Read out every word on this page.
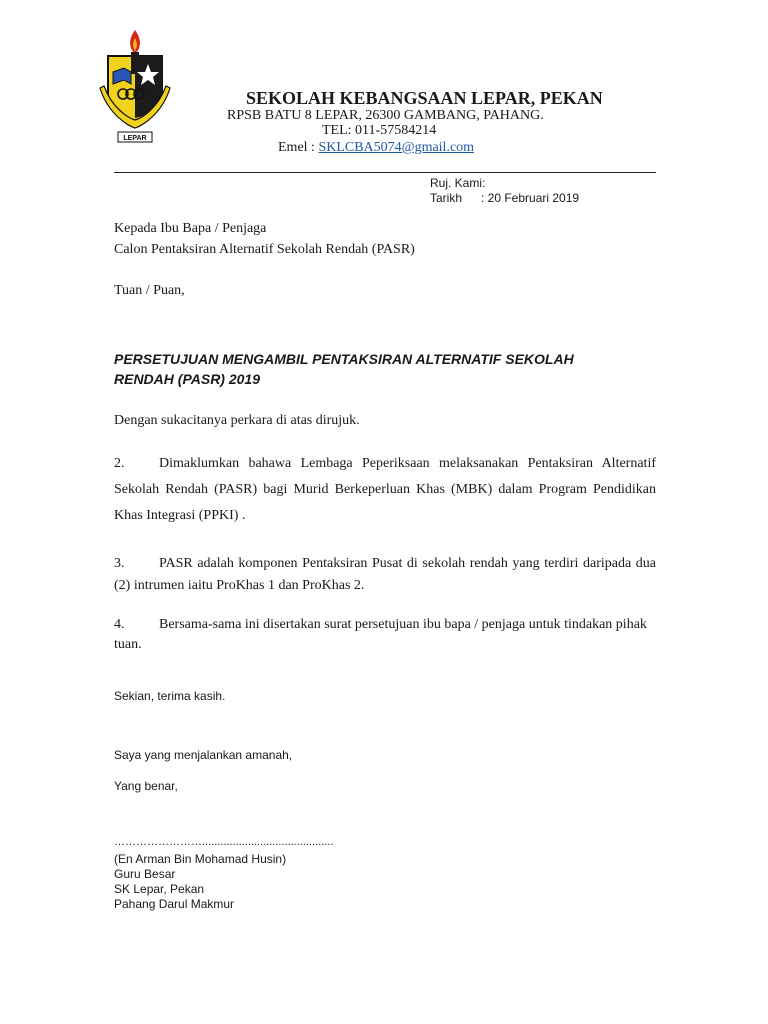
LEPAR
SEKOLAH KEBANGSAAN LEPAR, PEKAN
RPSB BATU 8 LEPAR, 26300 GAMBANG, PAHANG.
TEL: 011-57584214
Emel : SKLCBA5074@gmail.com
Ruj. Kami:
Tarikh : 20 Februari 2019
Kepada Ibu Bapa / Penjaga
Calon Pentaksiran Alternatif Sekolah Rendah (PASR)
Tuan / Puan,
PERSETUJUAN MENGAMBIL PENTAKSIRAN ALTERNATIF SEKOLAH RENDAH (PASR) 2019
Dengan sukacitanya perkara di atas dirujuk.
2. Dimaklumkan bahawa Lembaga Peperiksaan melaksanakan Pentaksiran Alternatif Sekolah Rendah (PASR) bagi Murid Berkeperluan Khas (MBK) dalam Program Pendidikan Khas Integrasi (PPKI) .
3. PASR adalah komponen Pentaksiran Pusat di sekolah rendah yang terdiri daripada dua (2) intrumen iaitu ProKhas 1 dan ProKhas 2.
4. Bersama-sama ini disertakan surat persetujuan ibu bapa / penjaga untuk tindakan pihak tuan.
Sekian, terima kasih.
Saya yang menjalankan amanah,
Yang benar,
……………………...........................................
(En Arman Bin Mohamad Husin)
Guru Besar
SK Lepar, Pekan
Pahang Darul Makmur
